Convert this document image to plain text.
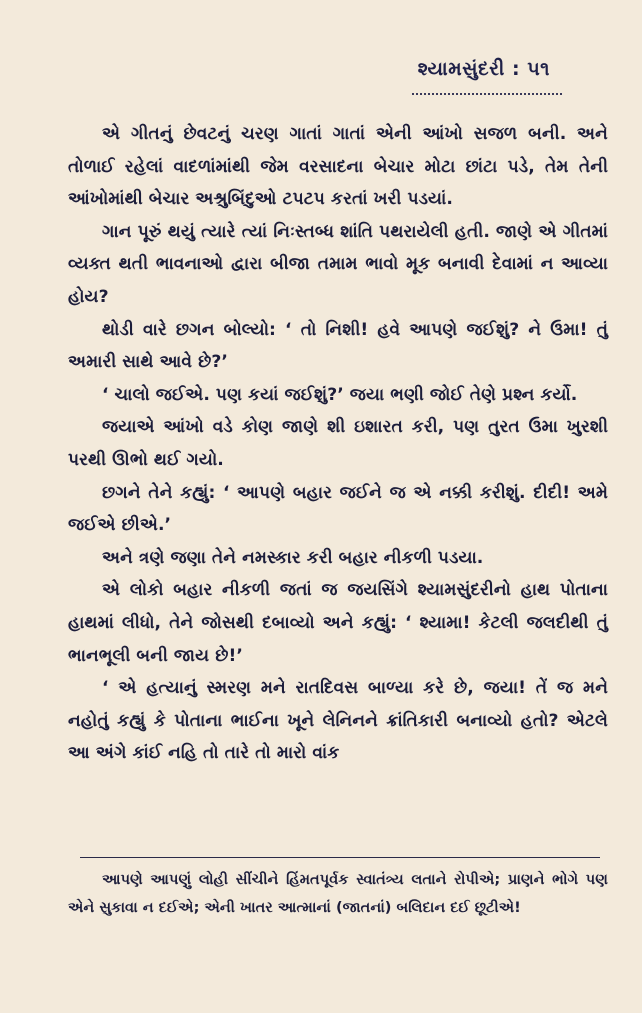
શ્યામસુંદરી : ૫૧

એ ગીતનું છેવટનું ચરણ ગાતાં ગાતાં એની આંખો સજળ બની. અને તોળાઈ રહેલાં વાદળાંમાંથી જેમ વરસાદના બેચાર મોટા છાંટા પડે, તેમ તેની આંખોમાંથી બેચાર અશ્રુબિંદુઓ ટપટપ કરતાં ખરી પડયાં.

ગાન પૂરું થયું ત્યારે ત્યાં નિઃસ્તબ્ધ શાંતિ પથરાયેલી હતી. જાણે એ ગીતમાં વ્યક્ત થતી ભાવનાઓ દ્વારા બીજા તમામ ભાવો મૂક બનાવી દેવામાં ન આવ્યા હોય?

થોડી વારે છગન બોલ્યો: ‘ તો નિશી! હવે આપણે જઈશું? ને ઉમા! તું અમારી સાથે આવે છે?’

‘ ચાલો જઈએ. પણ કયાં જઈશું?’ જયા ભણી જોઈ તેણે પ્રશ્ન કર્યો.

જયાએ આંખો વડે કોણ જાણે શી ઇશારત કરી, પણ તુરત ઉમા ખુરશી પરથી ઊભો થઈ ગયો.

છગને તેને કહ્યું: ‘ આપણે બહાર જઈને જ એ નક્કી કરીશું. દીદી! અમે જઈએ છીએ.’

અને ત્રણે જણા તેને નમસ્કાર કરી બહાર નીકળી પડયા.

એ લોકો બહાર નીકળી જતાં જ જયસિંગે શ્યામસુંદરીનો હાથ પોતાના હાથમાં લીધો, તેને જોસથી દબાવ્યો અને કહ્યું: ‘ શ્યામા! કેટલી જલદીથી તું ભાનભૂલી બની જાય છે!’

‘ એ હત્યાનું સ્મરણ મને રાતદિવસ બાળ્યા કરે છે, જયા! તેં જ મને નહોતું કહ્યું કે પોતાના ભાઈના ખૂને લેનિનને ક્રાંતિકારી બનાવ્યો હતો? એટલે આ અંગે કાંઈ નહિ તો તારે તો મારો વાંક

આપણે આપણું લોહી સીંચીને હિંમતપૂર્વક સ્વાતંત્ર્ય લતાને રોપીએ; પ્રાણને ભોગે પણ એને સુકાવા ન દઈએ; એની ખાતર આત્માનાં (જાતનાં) બલિદાન દઈ છૂટીએ!
